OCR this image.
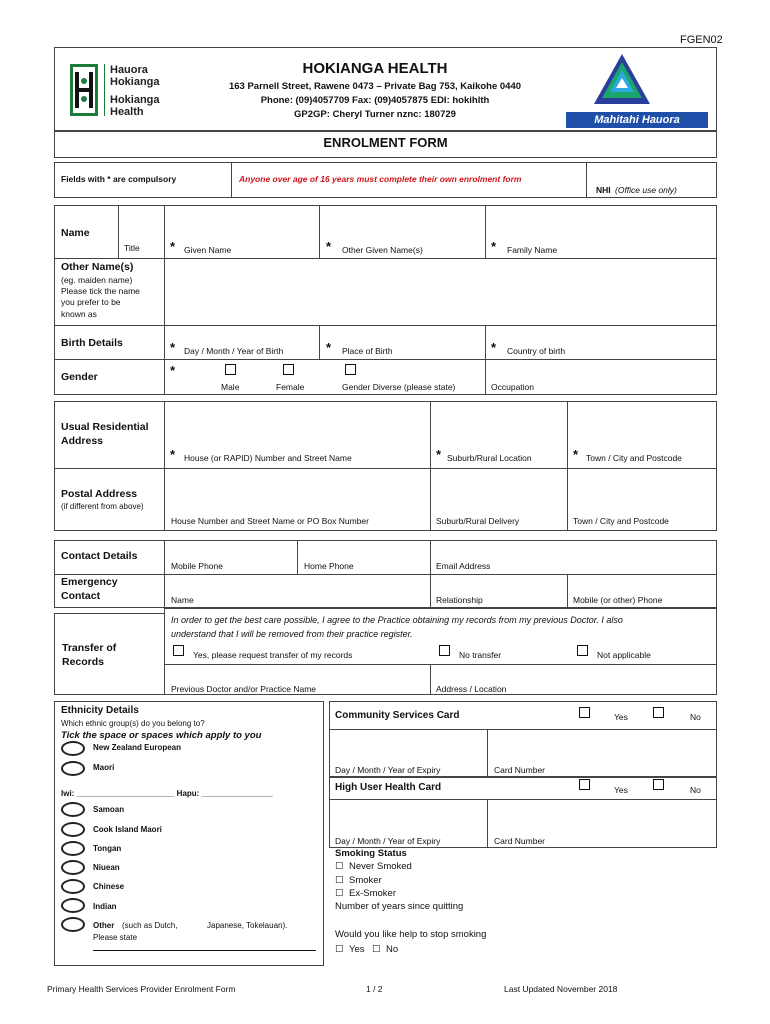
FGEN02
Hauora
Hokianga
Hokianga
Health
HOKIANGA HEALTH
163 Parnell Street, Rawene 0473 – Private Bag 753, Kaikohe 0440
Phone: (09)4057709 Fax: (09)4057875 EDI: hokihlth
GP2GP: Cheryl Turner nznc: 180729	Mahitahi Hauora
ENROLMENT FORM
Fields with * are compulsory	Anyone over age of 16 years must complete their own enrolment form
NHI (Office use only)
Name
Title * Given Name	* Other Given Name(s)	* Family Name
Other Name(s)
(eg. maiden name)
Please tick the name
you prefer to be
known as
Birth Details	* Day / Month / Year of Birth	* Place of Birth	* Country of birth
Gender	*
Male	Female	Gender Diverse (please state)	Occupation
Usual Residential
Address
* House (or RAPID) Number and Street Name	* Suburb/Rural Location	* Town / City and Postcode
Postal Address
(if different from above)
House Number and Street Name or PO Box Number	Suburb/Rural Delivery	Town / City and Postcode
Contact Details
Mobile Phone	Home Phone	Email Address
Emergency
Contact	Name	Relationship	Mobile (or other) Phone
Transfer of
Records
In order to get the best care possible, I agree to the Practice obtaining my records from my previous Doctor. I also
understand that I will be removed from their practice register.
Yes, please request transfer of my records	No transfer	Not applicable
Previous Doctor and/or Practice Name	Address / Location
Ethnicity Details
Which ethnic group(s) do you belong to?
Tick the space or spaces which apply to you
New Zealand European
Maori
Iwi: ______________________ Hapu: ________________
Samoan
Cook Island Maori
Tongan
Niuean
Chinese
Indian
Other (such as Dutch,	Japanese, Tokelauan).
Please state
Community Services Card	Yes	No
Day / Month / Year of Expiry	Card Number
High User Health Card	Yes	No
Day / Month / Year of Expiry	Card Number
Smoking Status
☐ Never Smoked
☐ Smoker
☐ Ex-Smoker
Number of years since quitting
Would you like help to stop smoking
☐ Yes ☐ No
Primary Health Services Provider Enrolment Form	1 / 2	Last Updated November 2018
